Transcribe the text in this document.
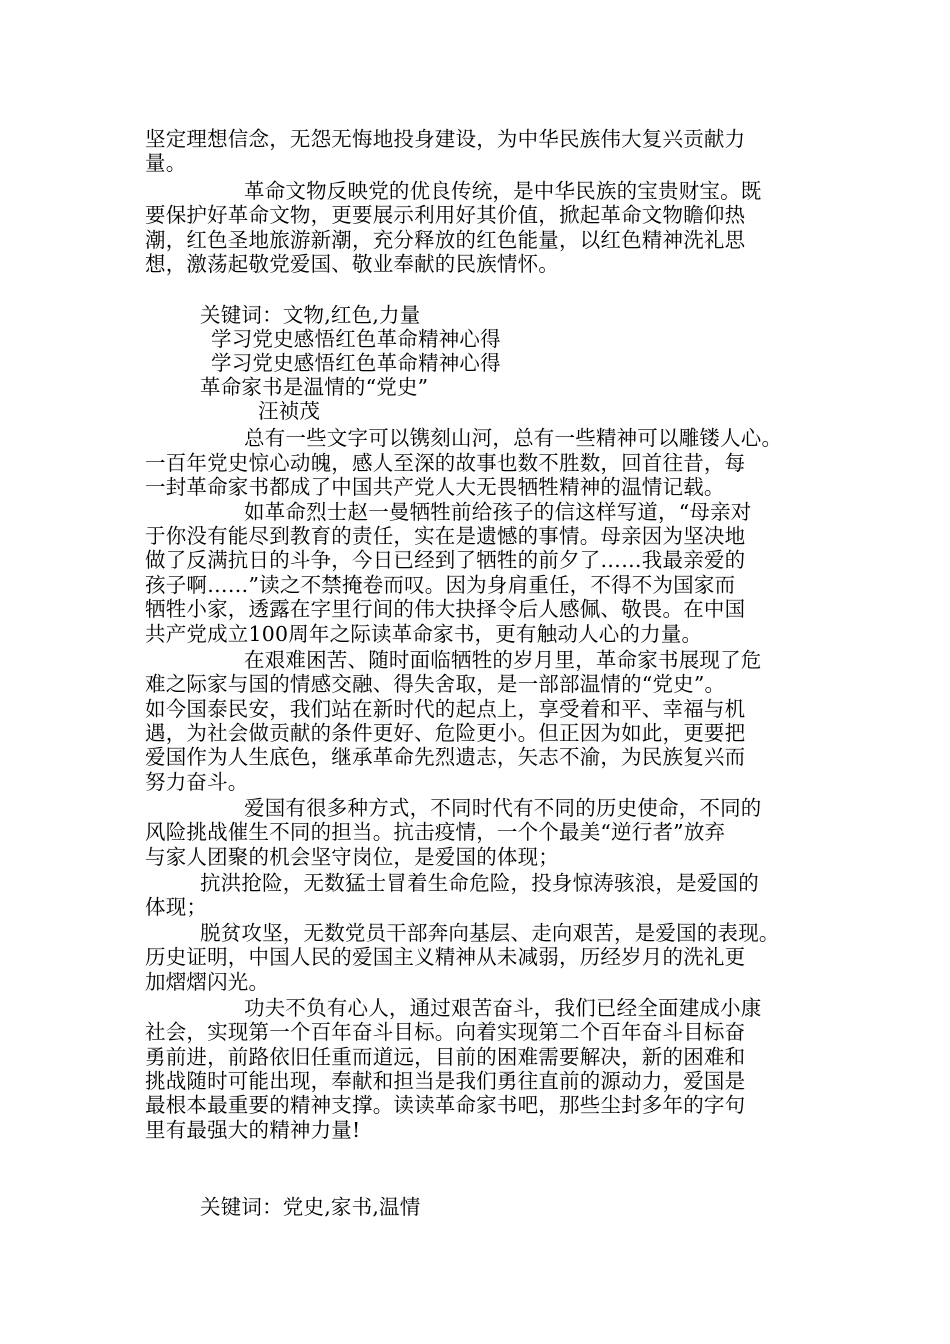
坚定理想信念，无怨无悔地投身建设，为中华民族伟大复兴贡献力
量。
革命文物反映党的优良传统，是中华民族的宝贵财宝。既
要保护好革命文物，更要展示利用好其价值，掀起革命文物瞻仰热
潮，红色圣地旅游新潮，充分释放的红色能量，以红色精神洗礼思
想，激荡起敬党爱国、敬业奉献的民族情怀。
关键词：文物,红色,力量
学习党史感悟红色革命精神心得
学习党史感悟红色革命精神心得
革命家书是温情的“党史”
汪祯茂
总有一些文字可以镌刻山河，总有一些精神可以雕镂人心。
一百年党史惊心动魄，感人至深的故事也数不胜数，回首往昔，每
一封革命家书都成了中国共产党人大无畏牺牲精神的温情记载。
如革命烈士赵一曼牺牲前给孩子的信这样写道，“母亲对
于你没有能尽到教育的责任，实在是遗憾的事情。母亲因为坚决地
做了反满抗日的斗争，今日已经到了牺牲的前夕了……我最亲爱的
孩子啊……”读之不禁掩卷而叹。因为身肩重任，不得不为国家而
牺牲小家，透露在字里行间的伟大抉择令后人感佩、敬畏。在中国
共产党成立100周年之际读革命家书，更有触动人心的力量。
在艰难困苦、随时面临牺牲的岁月里，革命家书展现了危
难之际家与国的情感交融、得失舍取，是一部部温情的“党史”。
如今国泰民安，我们站在新时代的起点上，享受着和平、幸福与机
遇，为社会做贡献的条件更好、危险更小。但正因为如此，更要把
爱国作为人生底色，继承革命先烈遗志，矢志不渝，为民族复兴而
努力奋斗。
爱国有很多种方式，不同时代有不同的历史使命，不同的
风险挑战催生不同的担当。抗击疫情，一个个最美“逆行者”放弃
与家人团聚的机会坚守岗位，是爱国的体现；
抗洪抢险，无数猛士冒着生命危险，投身惊涛骇浪，是爱国的
体现；
脱贫攻坚，无数党员干部奔向基层、走向艰苦，是爱国的表现。
历史证明，中国人民的爱国主义精神从未减弱，历经岁月的洗礼更
加熠熠闪光。
功夫不负有心人，通过艰苦奋斗，我们已经全面建成小康
社会，实现第一个百年奋斗目标。向着实现第二个百年奋斗目标奋
勇前进，前路依旧任重而道远，目前的困难需要解决，新的困难和
挑战随时可能出现，奉献和担当是我们勇往直前的源动力，爱国是
最根本最重要的精神支撑。读读革命家书吧，那些尘封多年的字句
里有最强大的精神力量!
关键词：党史,家书,温情
